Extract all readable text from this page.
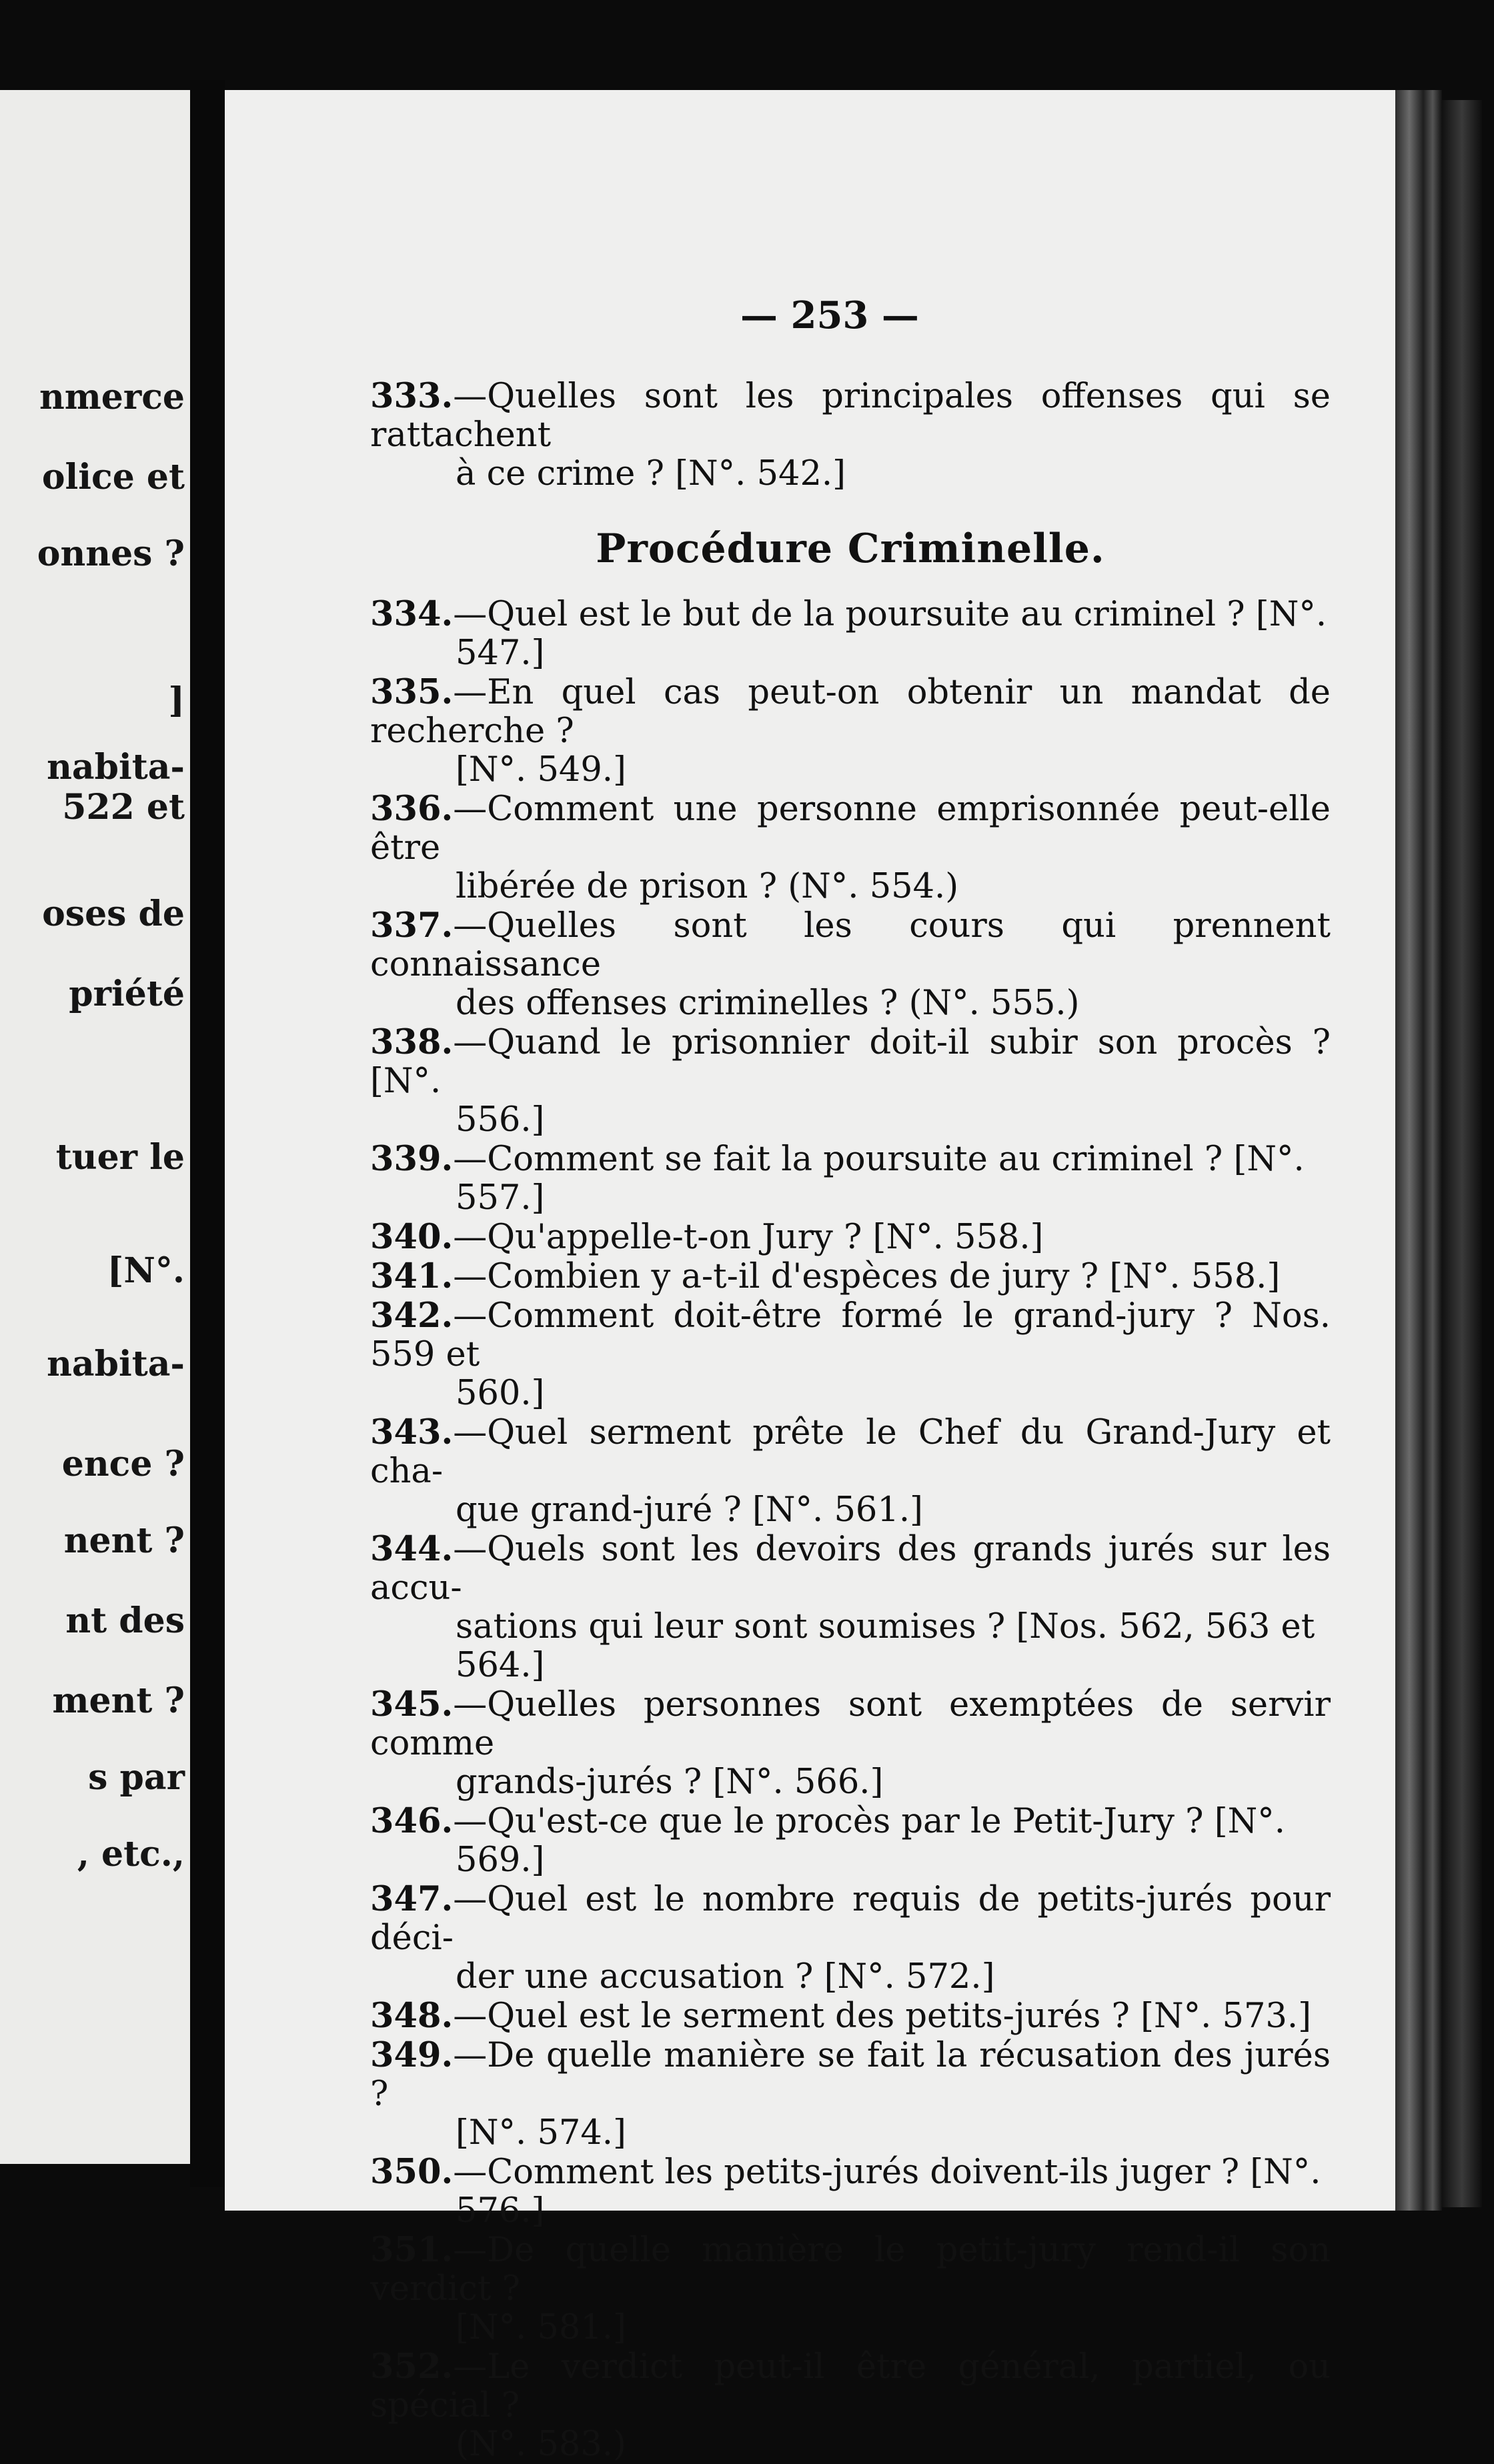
nmerce
olice et
onnes ?
]
nabita-
522 et
oses de
priété
tuer le
[N°.
nabita-
ence ?
nent ?
nt des
ment ?
s par
, etc.,
— 253 —

333.—Quelles sont les principales offenses qui se rattachent
à ce crime ? [N°. 542.]

Procédure Criminelle.

334.—Quel est le but de la poursuite au criminel ? [N°.
547.]

335.—En quel cas peut-on obtenir un mandat de recherche ?
[N°. 549.]

336.—Comment une personne emprisonnée peut-elle être
libérée de prison ? (N°. 554.)

337.—Quelles sont les cours qui prennent connaissance
des offenses criminelles ? (N°. 555.)

338.—Quand le prisonnier doit-il subir son procès ? [N°.
556.]

339.—Comment se fait la poursuite au criminel ? [N°.
557.]

340.—Qu'appelle-t-on Jury ? [N°. 558.]

341.—Combien y a-t-il d'espèces de jury ? [N°. 558.]

342.—Comment doit-être formé le grand-jury ? Nos. 559 et
560.]

343.—Quel serment prête le Chef du Grand-Jury et cha-
que grand-juré ? [N°. 561.]

344.—Quels sont les devoirs des grands jurés sur les accu-
sations qui leur sont soumises ? [Nos. 562, 563 et
564.]

345.—Quelles personnes sont exemptées de servir comme
grands-jurés ? [N°. 566.]

346.—Qu'est-ce que le procès par le Petit-Jury ? [N°.
569.]

347.—Quel est le nombre requis de petits-jurés pour déci-
der une accusation ? [N°. 572.]

348.—Quel est le serment des petits-jurés ? [N°. 573.]

349.—De quelle manière se fait la récusation des jurés ?
[N°. 574.]

350.—Comment les petits-jurés doivent-ils juger ? [N°.
576.]

351.—De quelle manière le petit-jury rend-il son verdict ?
[N°. 581.]

352.—Le verdict peut-il être général, partiel, ou spécial ?
(N°. 583.)
